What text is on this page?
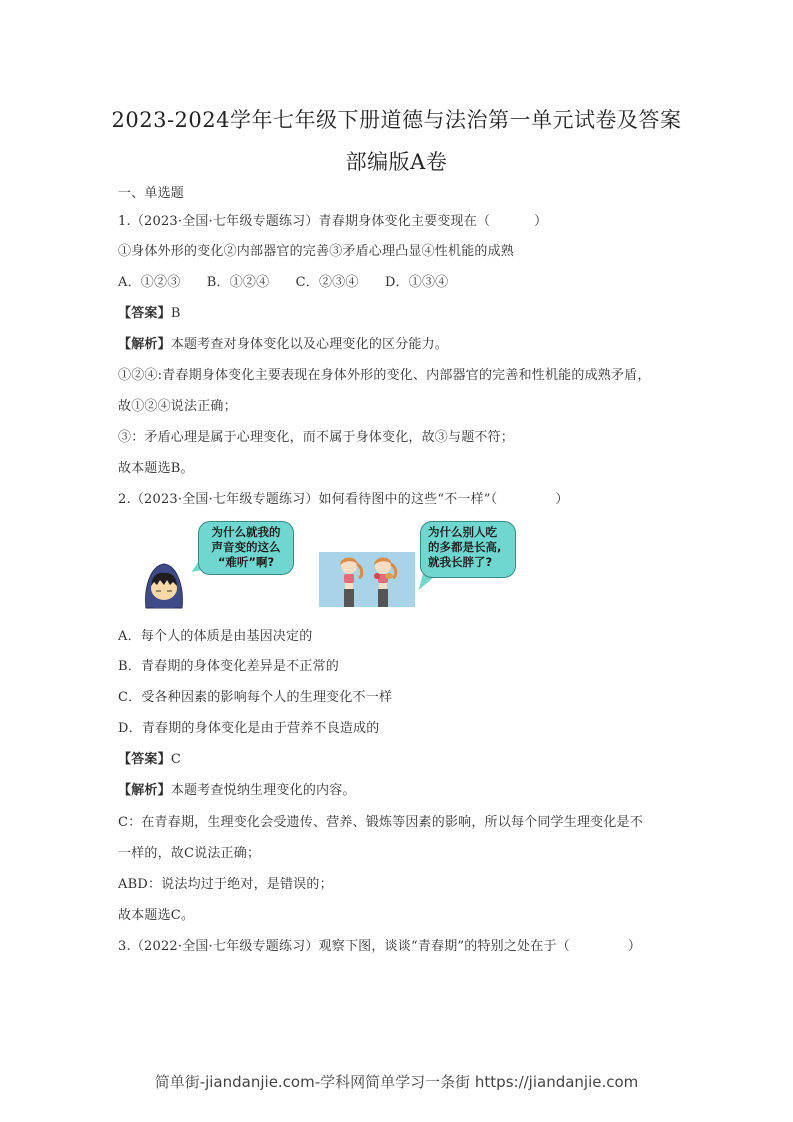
2023-2024学年七年级下册道德与法治第一单元试卷及答案
部编版A卷
一、单选题
1.（2023·全国·七年级专题练习）青春期身体变化主要变现在（	）
①身体外形的变化②内部器官的完善③矛盾心理凸显④性机能的成熟
A．①②③ B．①②④ C．②③④ D．①③④
【答案】B
【解析】本题考查对身体变化以及心理变化的区分能力。
①②④:青春期身体变化主要表现在身体外形的变化、内部器官的完善和性机能的成熟矛盾，
故①②④说法正确；
③：矛盾心理是属于心理变化，而不属于身体变化，故③与题不符；
故本题选B。
2.（2023·全国·七年级专题练习）如何看待图中的这些“不一样”（	）
为什么就我的
声音变的这么
“难听”啊?
为什么别人吃
的多都是长高,
就我长胖了?
A．每个人的体质是由基因决定的
B．青春期的身体变化差异是不正常的
C．受各种因素的影响每个人的生理变化不一样
D．青春期的身体变化是由于营养不良造成的
【答案】C
【解析】本题考查悦纳生理变化的内容。
C：在青春期，生理变化会受遗传、营养、锻炼等因素的影响，所以每个同学生理变化是不
一样的，故C说法正确；
ABD：说法均过于绝对，是错误的；
故本题选C。
3.（2022·全国·七年级专题练习）观察下图，谈谈“青春期”的特别之处在于（	）
简单街-jiandanjie.com-学科网简单学习一条街 https://jiandanjie.com
